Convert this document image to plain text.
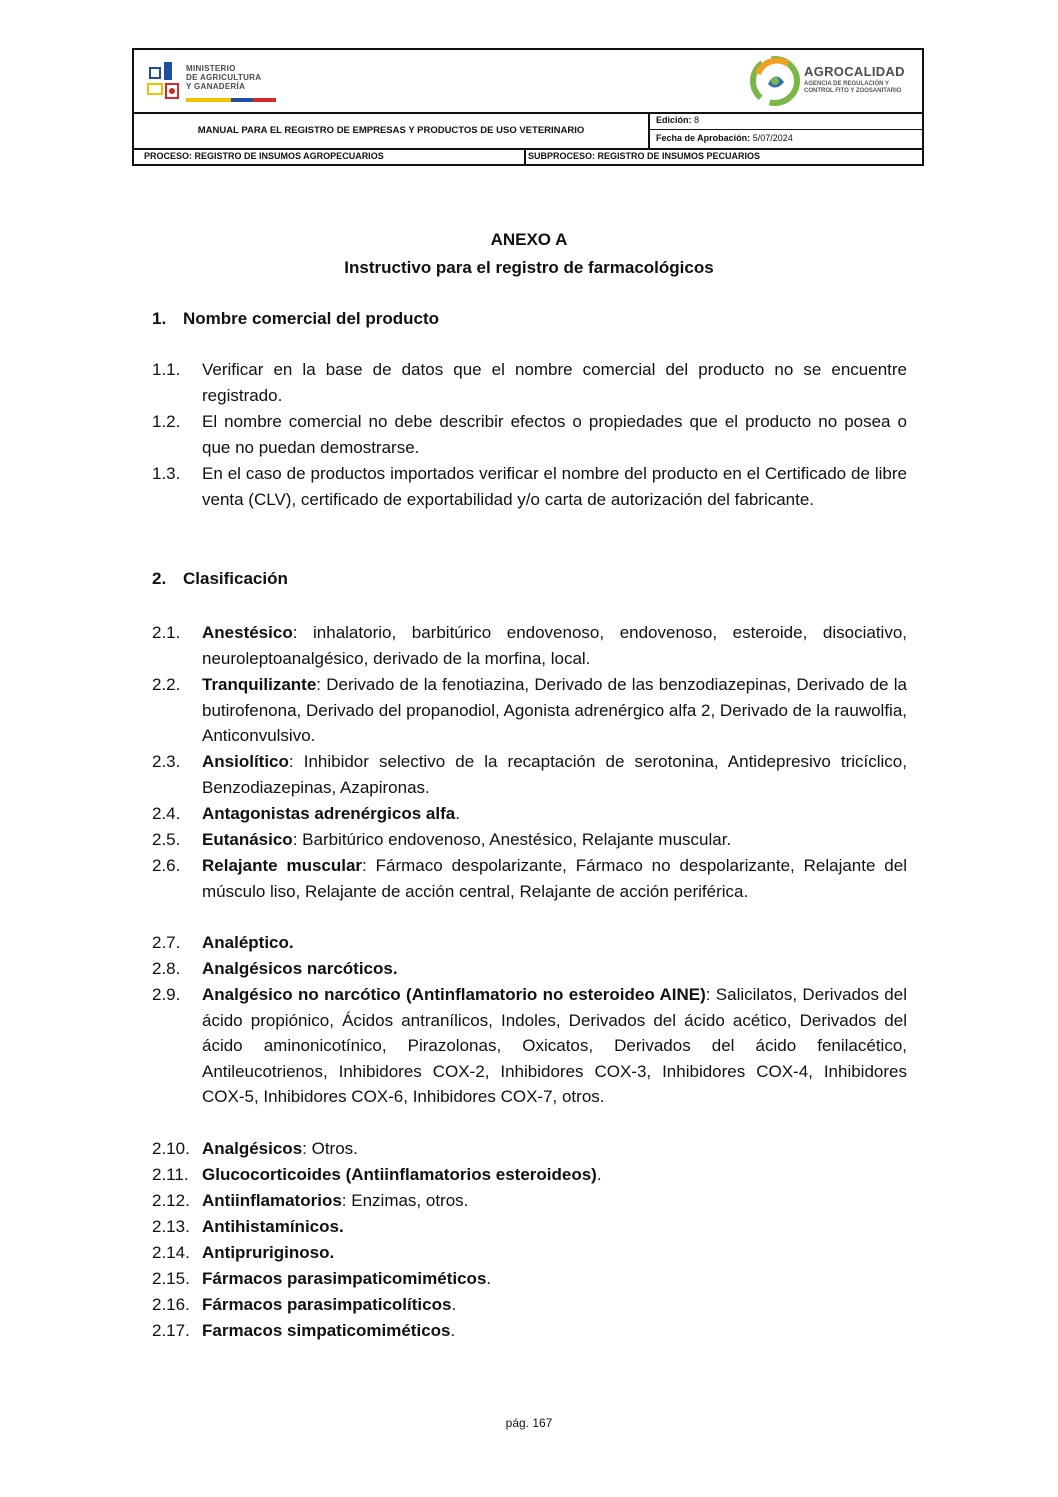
MINISTERIO
DE AGRICULTURA
Y GANADERÍA
AGROCALIDAD
AGENCIA DE REGULACIÓN Y CONTROL FITO Y ZOOSANITARIO
MANUAL PARA EL REGISTRO DE EMPRESAS Y PRODUCTOS DE USO VETERINARIO
Edición: 8
Fecha de Aprobación: 5/07/2024
PROCESO: REGISTRO DE INSUMOS AGROPECUARIOS	SUBPROCESO: REGISTRO DE INSUMOS PECUARIOS
ANEXO A
Instructivo para el registro de farmacológicos
1. Nombre comercial del producto
1.1. Verificar en la base de datos que el nombre comercial del producto no se encuentre registrado.
1.2. El nombre comercial no debe describir efectos o propiedades que el producto no posea o que no puedan demostrarse.
1.3. En el caso de productos importados verificar el nombre del producto en el Certificado de libre venta (CLV), certificado de exportabilidad y/o carta de autorización del fabricante.
2. Clasificación
2.1. Anestésico: inhalatorio, barbitúrico endovenoso, endovenoso, esteroide, disociativo, neuroleptoanalgésico, derivado de la morfina, local.
2.2. Tranquilizante: Derivado de la fenotiazina, Derivado de las benzodiazepinas, Derivado de la butirofenona, Derivado del propanodiol, Agonista adrenérgico alfa 2, Derivado de la rauwolfia, Anticonvulsivo.
2.3. Ansiolítico: Inhibidor selectivo de la recaptación de serotonina, Antidepresivo tricíclico, Benzodiazepinas, Azapironas.
2.4. Antagonistas adrenérgicos alfa.
2.5. Eutanásico: Barbitúrico endovenoso, Anestésico, Relajante muscular.
2.6. Relajante muscular: Fármaco despolarizante, Fármaco no despolarizante, Relajante del músculo liso, Relajante de acción central, Relajante de acción periférica.
2.7. Analéptico.
2.8. Analgésicos narcóticos.
2.9. Analgésico no narcótico (Antinflamatorio no esteroideo AINE): Salicilatos, Derivados del ácido propiónico, Ácidos antranílicos, Indoles, Derivados del ácido acético, Derivados del ácido aminonicotínico, Pirazolonas, Oxicatos, Derivados del ácido fenilacético, Antileucotrienos, Inhibidores COX-2, Inhibidores COX-3, Inhibidores COX-4, Inhibidores COX-5, Inhibidores COX-6, Inhibidores COX-7, otros.
2.10. Analgésicos: Otros.
2.11. Glucocorticoides (Antiinflamatorios esteroideos).
2.12. Antiinflamatorios: Enzimas, otros.
2.13. Antihistamínicos.
2.14. Antipruriginoso.
2.15. Fármacos parasimpaticomiméticos.
2.16. Fármacos parasimpaticolíticos.
2.17. Farmacos simpaticomiméticos.
pág. 167
